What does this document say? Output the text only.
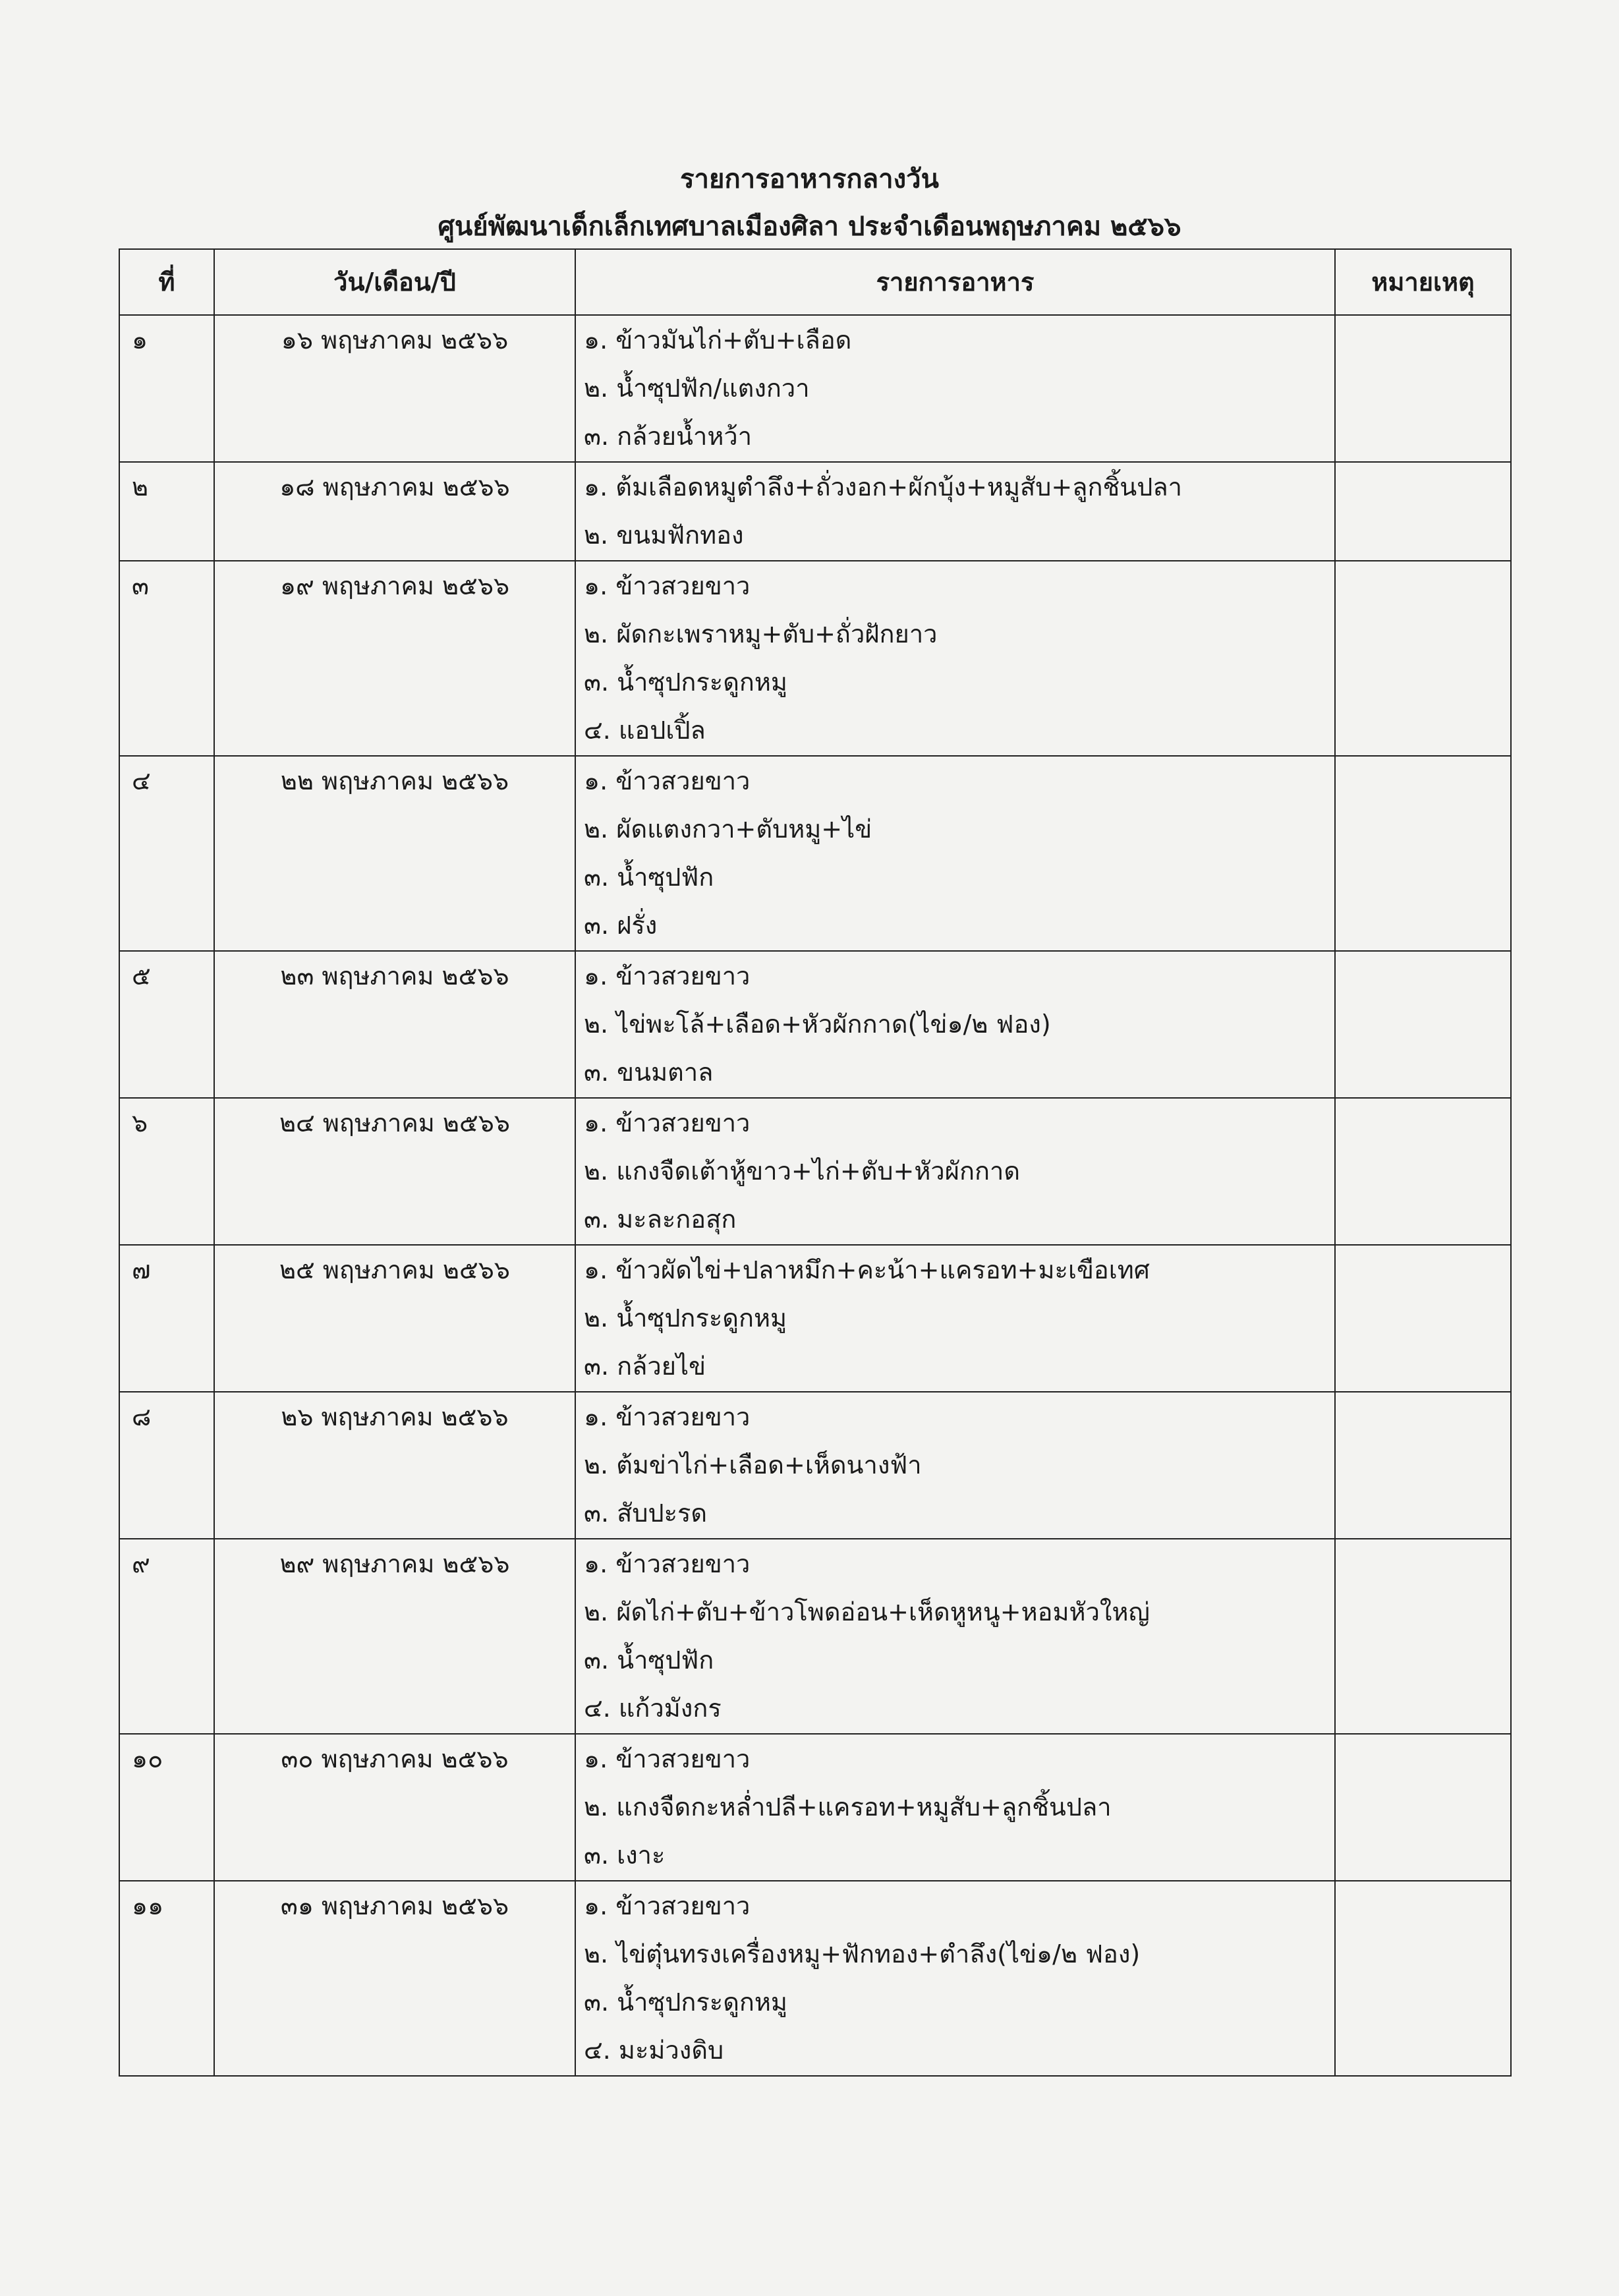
รายการอาหารกลางวัน
ศูนย์พัฒนาเด็กเล็กเทศบาลเมืองศิลา ประจำเดือนพฤษภาคม ๒๕๖๖
ที่	วัน/เดือน/ปี	รายการอาหาร	หมายเหตุ
๑	๑๖ พฤษภาคม ๒๕๖๖	๑. ข้าวมันไก่+ตับ+เลือด
๒. น้ำซุปฟัก/แตงกวา
๓. กล้วยน้ำหว้า	

๒	๑๘ พฤษภาคม ๒๕๖๖	๑. ต้มเลือดหมูตำลึง+ถั่วงอก+ผักบุ้ง+หมูสับ+ลูกชิ้นปลา
๒. ขนมฟักทอง	

๓	๑๙ พฤษภาคม ๒๕๖๖	๑. ข้าวสวยขาว
๒. ผัดกะเพราหมู+ตับ+ถั่วฝักยาว
๓. น้ำซุปกระดูกหมู
๔. แอปเปิ้ล	

๔	๒๒ พฤษภาคม ๒๕๖๖	๑. ข้าวสวยขาว
๒. ผัดแตงกวา+ตับหมู+ไข่
๓. น้ำซุปฟัก
๓. ฝรั่ง	

๕	๒๓ พฤษภาคม ๒๕๖๖	๑. ข้าวสวยขาว
๒. ไข่พะโล้+เลือด+หัวผักกาด(ไข่๑/๒ ฟอง)
๓. ขนมตาล	

๖	๒๔ พฤษภาคม ๒๕๖๖	๑. ข้าวสวยขาว
๒. แกงจืดเต้าหู้ขาว+ไก่+ตับ+หัวผักกาด
๓. มะละกอสุก	

๗	๒๕ พฤษภาคม ๒๕๖๖	๑. ข้าวผัดไข่+ปลาหมึก+คะน้า+แครอท+มะเขือเทศ
๒. น้ำซุปกระดูกหมู
๓. กล้วยไข่	

๘	๒๖ พฤษภาคม ๒๕๖๖	๑. ข้าวสวยขาว
๒. ต้มข่าไก่+เลือด+เห็ดนางฟ้า
๓. สับปะรด	

๙	๒๙ พฤษภาคม ๒๕๖๖	๑. ข้าวสวยขาว
๒. ผัดไก่+ตับ+ข้าวโพดอ่อน+เห็ดหูหนู+หอมหัวใหญ่
๓. น้ำซุปฟัก
๔. แก้วมังกร	

๑๐	๓๐ พฤษภาคม ๒๕๖๖	๑. ข้าวสวยขาว
๒. แกงจืดกะหล่ำปลี+แครอท+หมูสับ+ลูกชิ้นปลา
๓. เงาะ	

๑๑	๓๑ พฤษภาคม ๒๕๖๖	๑. ข้าวสวยขาว
๒. ไข่ตุ๋นทรงเครื่องหมู+ฟักทอง+ตำลึง(ไข่๑/๒ ฟอง)
๓. น้ำซุปกระดูกหมู
๔. มะม่วงดิบ	
